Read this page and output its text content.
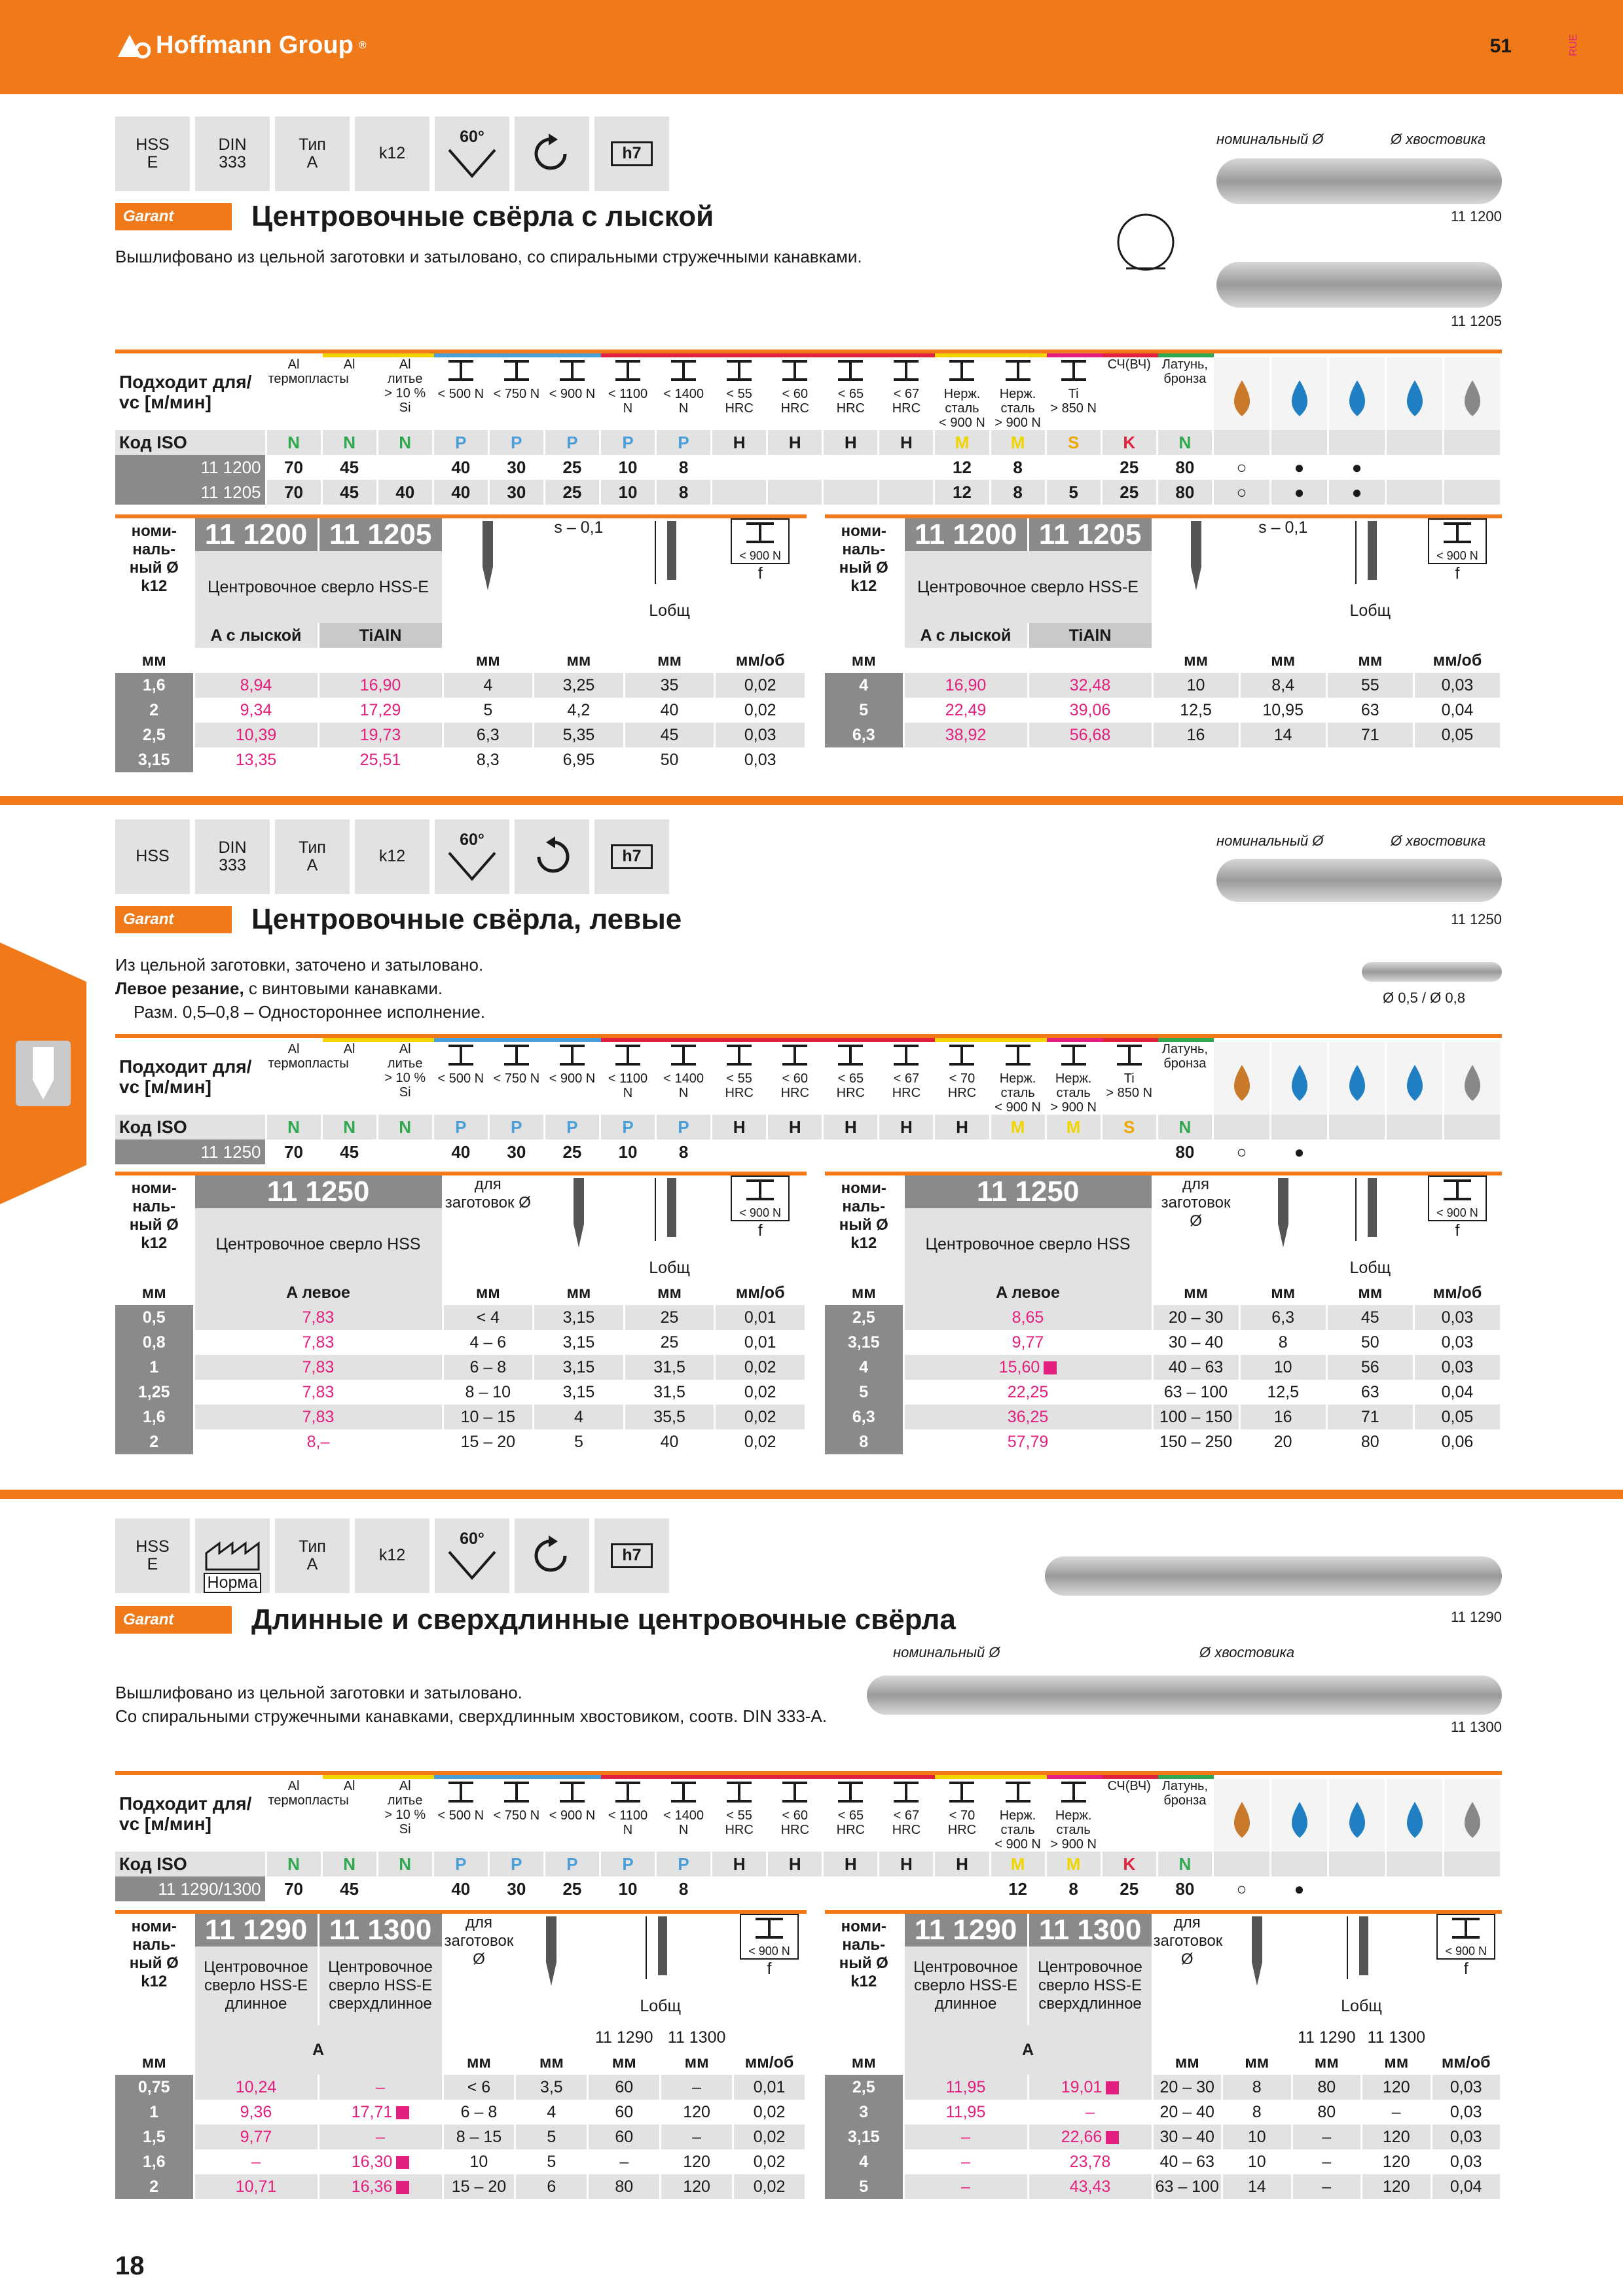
Hoffmann Group ®	51	RUE
HSS
E
DIN
333
Тип
A	k12
60°
h7
Garant	Центровочные свёрла с лыской
Вышлифовано из цельной заготовки и затыловано, со спиральными стружечными канавками.
номинальный Ø	Ø хвостовика
11 1200
11 1205
Подходит для/
vc [м/мин]	Al
термопласты	Al	Al
литье
> 10 % Si	< 500 N	< 750 N	< 900 N	< 1100 N	< 1400 N	< 55 HRC	< 60 HRC	< 65 HRC	< 67 HRC	Нерж.
сталь
< 900 N	Нерж.
сталь
> 900 N	Ti
> 850 N	СЧ(ВЧ)	Латунь,
бронза					
Код ISO	N	N	N	P	P	P	P	P	H	H	H	H	M	M	S	K	N					
11 1200	70	45		40	30	25	10	8					12	8		25	80	○	●	●		
11 1205	70	45	40	40	30	25	10	8					12	8	5	25	80	○	●	●		
номи-
наль-
ный Ø
k12	11 1200	11 1205		s – 0,1	Lобщ	< 900 N
f
	Центровочное сверло HSS-E					
	A с лыской	TiAlN				
мм			мм	мм	мм	мм/об
1,6	8,94	16,90	4	3,25	35	0,02
2	9,34	17,29	5	4,2	40	0,02
2,5	10,39	19,73	6,3	5,35	45	0,03
3,15	13,35	25,51	8,3	6,95	50	0,03
номи-
наль-
ный Ø
k12	11 1200	11 1205		s – 0,1	Lобщ	< 900 N
f
	Центровочное сверло HSS-E					
	A с лыской	TiAlN				
мм			мм	мм	мм	мм/об
4	16,90	32,48	10	8,4	55	0,03
5	22,49	39,06	12,5	10,95	63	0,04
6,3	38,92	56,68	16	14	71	0,05
HSS	DIN
333
Тип
A	k12
60°
h7
Garant	Центровочные свёрла, левые
Из цельной заготовки, заточено и затыловано.
Левое резание, с винтовыми канавками.
Разм. 0,5–0,8 – Одностороннее исполнение.
номинальный Ø	Ø хвостовика
11 1250
Ø 0,5 / Ø 0,8
Подходит для/
vc [м/мин]	Al
термопласты	Al	Al
литье
> 10 % Si	< 500 N	< 750 N	< 900 N	< 1100 N	< 1400 N	< 55 HRC	< 60 HRC	< 65 HRC	< 67 HRC	< 70 HRC	Нерж.
сталь
< 900 N	Нерж.
сталь
> 900 N	Ti
> 850 N	Латунь,
бронза					
Код ISO	N	N	N	P	P	P	P	P	H	H	H	H	H	M	M	S	N					
11 1250	70	45		40	30	25	10	8									80	○	●			
номи-
наль-
ный Ø
k12	11 1250	для
заготовок Ø		Lобщ	< 900 N
f
	Центровочное сверло HSS				
мм	A левое	мм	мм	мм	мм/об
0,5	7,83	< 4	3,15	25	0,01
0,8	7,83	4 – 6	3,15	25	0,01
1	7,83	6 – 8	3,15	31,5	0,02
1,25	7,83	8 – 10	3,15	31,5	0,02
1,6	7,83	10 – 15	4	35,5	0,02
2	8,–	15 – 20	5	40	0,02
номи-
наль-
ный Ø
k12	11 1250	для
заготовок Ø		Lобщ	< 900 N
f
	Центровочное сверло HSS				
мм	A левое	мм	мм	мм	мм/об
2,5	8,65	20 – 30	6,3	45	0,03
3,15	9,77	30 – 40	8	50	0,03
4	15,60	40 – 63	10	56	0,03
5	22,25	63 – 100	12,5	63	0,04
6,3	36,25	100 – 150	16	71	0,05
8	57,79	150 – 250	20	80	0,06
HSS
E
Норма
Тип
A	k12
60°
h7
Garant	Длинные и сверхдлинные центровочные свёрла
Вышлифовано из цельной заготовки и затыловано.
Со спиральными стружечными канавками, сверхдлинным хвостовиком, соотв. DIN 333-A.
11 1290
номинальный Ø	Ø хвостовика
11 1300
Подходит для/
vc [м/мин]	Al
термопласты	Al	Al
литье
> 10 % Si	< 500 N	< 750 N	< 900 N	< 1100 N	< 1400 N	< 55 HRC	< 60 HRC	< 65 HRC	< 67 HRC	< 70 HRC	Нерж.
сталь
< 900 N	Нерж.
сталь
> 900 N	СЧ(ВЧ)	Латунь,
бронза					
Код ISO	N	N	N	P	P	P	P	P	H	H	H	H	H	M	M	K	N					
11 1290/1300	70	45		40	30	25	10	8						12	8	25	80	○	●			
номи-
наль-
ный Ø
k12	11 1290	11 1300	для
заготовок Ø		Lобщ		< 900 N
f
	Центровочное
сверло HSS-E
длинное	Центровочное
сверло HSS-E
сверхдлинное					
	A				11 1290	11 1300	
мм			мм	мм	мм	мм	мм/об
0,75	10,24	–	< 6	3,5	60	–	0,01
1	9,36	17,71	6 – 8	4	60	120	0,02
1,5	9,77	–	8 – 15	5	60	–	0,02
1,6	–	16,30	10	5	–	120	0,02
2	10,71	16,36	15 – 20	6	80	120	0,02
номи-
наль-
ный Ø
k12	11 1290	11 1300	для
заготовок Ø		Lобщ		< 900 N
f
	Центровочное
сверло HSS-E
длинное	Центровочное
сверло HSS-E
сверхдлинное					
	A				11 1290	11 1300	
мм			мм	мм	мм	мм	мм/об
2,5	11,95	19,01	20 – 30	8	80	120	0,03
3	11,95	–	20 – 40	8	80	–	0,03
3,15	–	22,66	30 – 40	10	–	120	0,03
4	–	23,78	40 – 63	10	–	120	0,03
5	–	43,43	63 – 100	14	–	120	0,04
18
